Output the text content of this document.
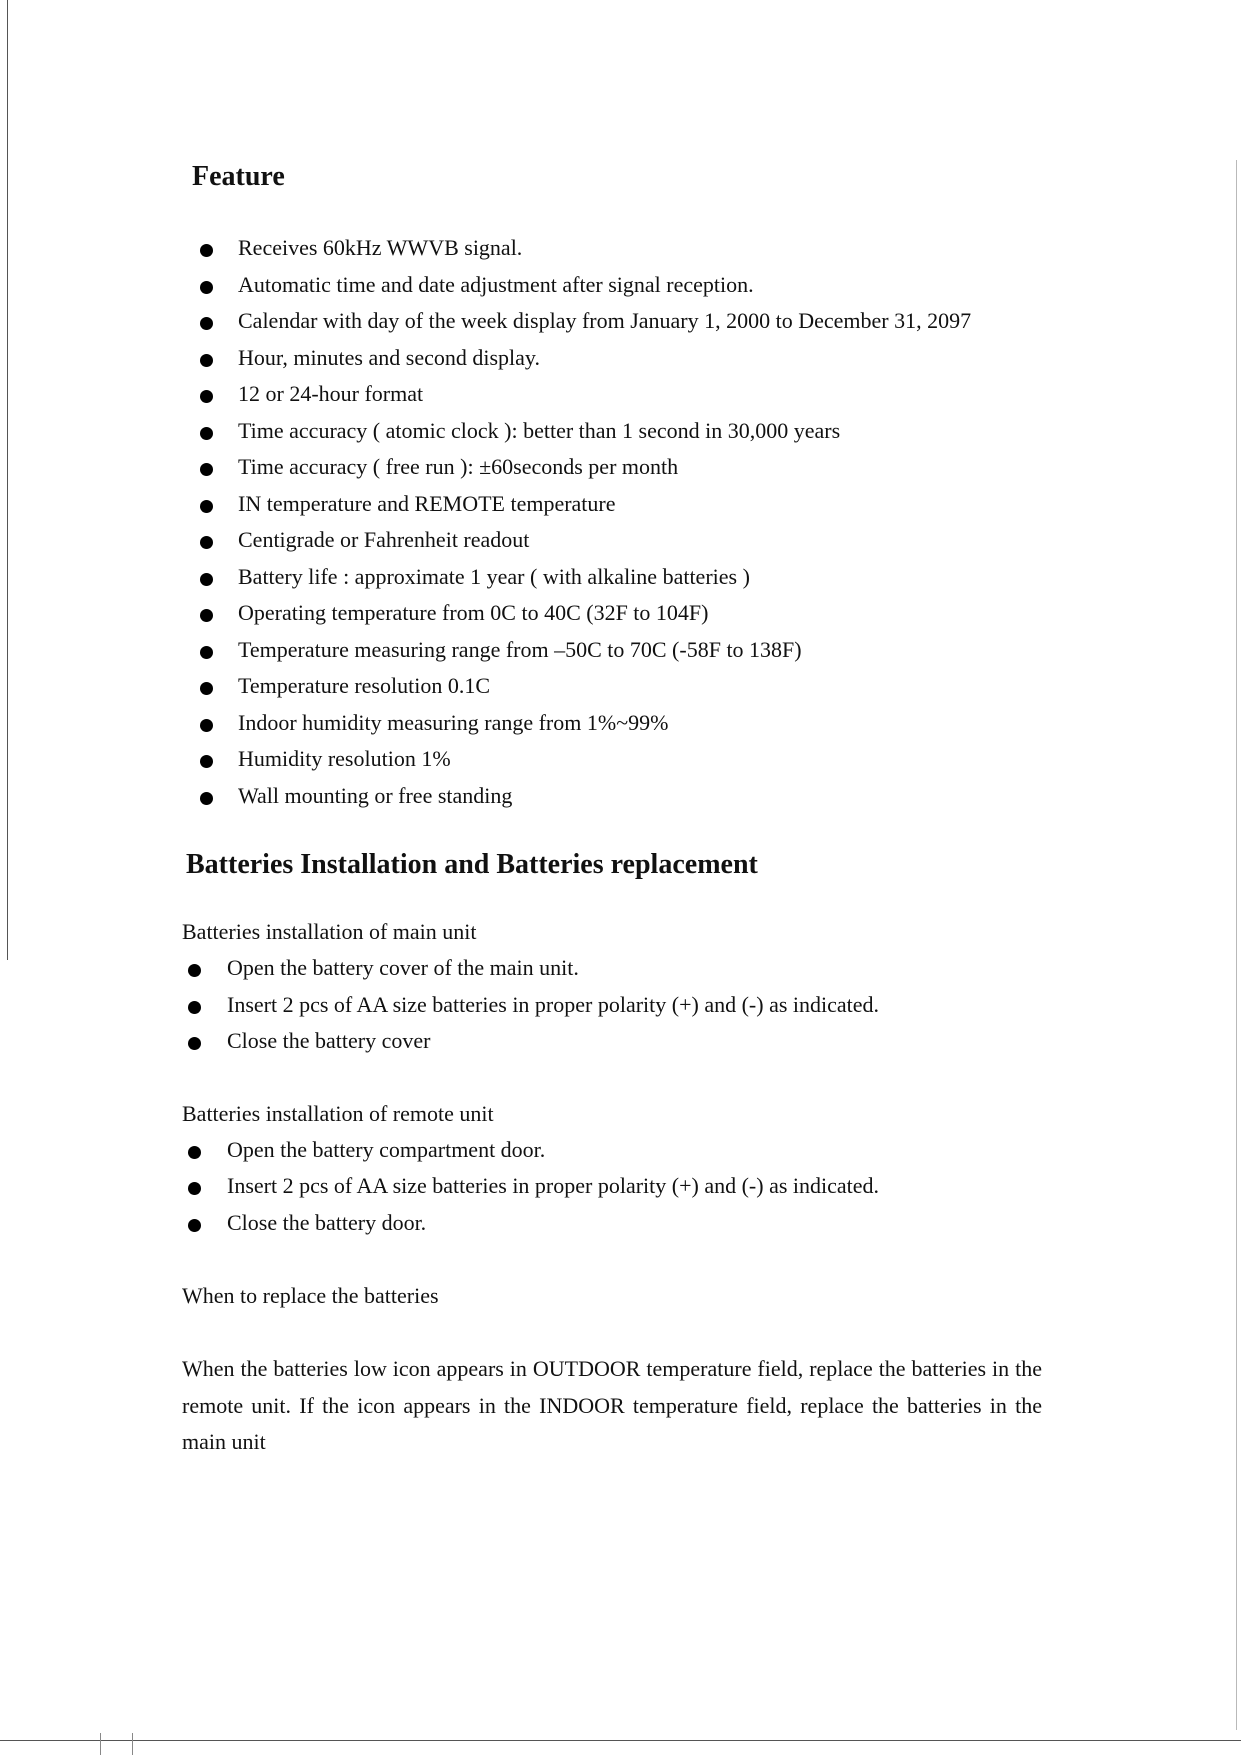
Feature
Receives 60kHz WWVB signal.
Automatic time and date adjustment after signal reception.
Calendar with day of the week display from January 1, 2000 to December 31, 2097
Hour, minutes and second display.
12 or 24-hour format
Time accuracy ( atomic clock ): better than 1 second in 30,000 years
Time accuracy ( free run ): ±60seconds per month
IN temperature and REMOTE temperature
Centigrade or Fahrenheit readout
Battery life : approximate 1 year ( with alkaline batteries )
Operating temperature from 0C to 40C (32F to 104F)
Temperature measuring range from –50C to 70C (-58F to 138F)
Temperature resolution 0.1C
Indoor humidity measuring range from 1%~99%
Humidity resolution 1%
Wall mounting or free standing
Batteries Installation and Batteries replacement

Batteries installation of main unit

Open the battery cover of the main unit.
Insert 2 pcs of AA size batteries in proper polarity (+) and (-) as indicated.
Close the battery cover

Batteries installation of remote unit

Open the battery compartment door.
Insert 2 pcs of AA size batteries in proper polarity (+) and (-) as indicated.
Close the battery door.

When to replace the batteries

When the batteries low icon appears in OUTDOOR temperature field, replace the batteries in the remote unit. If the icon appears in the INDOOR temperature field, replace the batteries in the main unit
